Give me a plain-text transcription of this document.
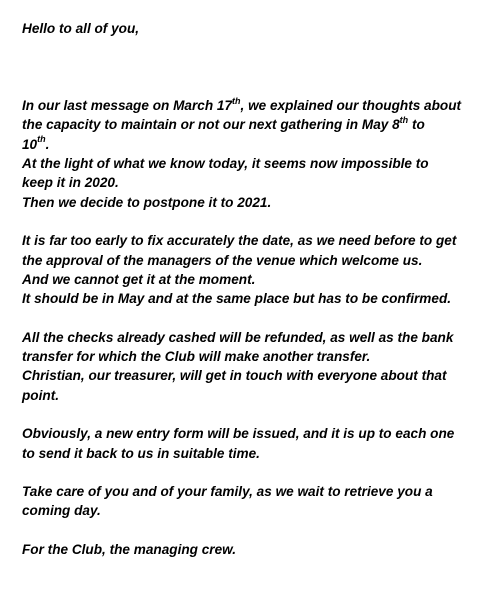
Hello to all of you,
In our last message on March 17th, we explained our thoughts about
the capacity to maintain or not our next gathering in May 8th to
10th.
At the light of what we know today, it seems now impossible to
keep it in 2020.
Then we decide to postpone it to 2021.
It is far too early to fix accurately the date, as we need before to get
the approval of the managers of the venue which welcome us.
And we cannot get it at the moment.
It should be in May and at the same place but has to be confirmed.
All the checks already cashed will be refunded, as well as the bank
transfer for which the Club will make another transfer.
Christian, our treasurer, will get in touch with everyone about that
point.
Obviously, a new entry form will be issued, and it is up to each one
to send it back to us in suitable time.
Take care of you and of your family, as we wait to retrieve you a
coming day.
For the Club, the managing crew.
